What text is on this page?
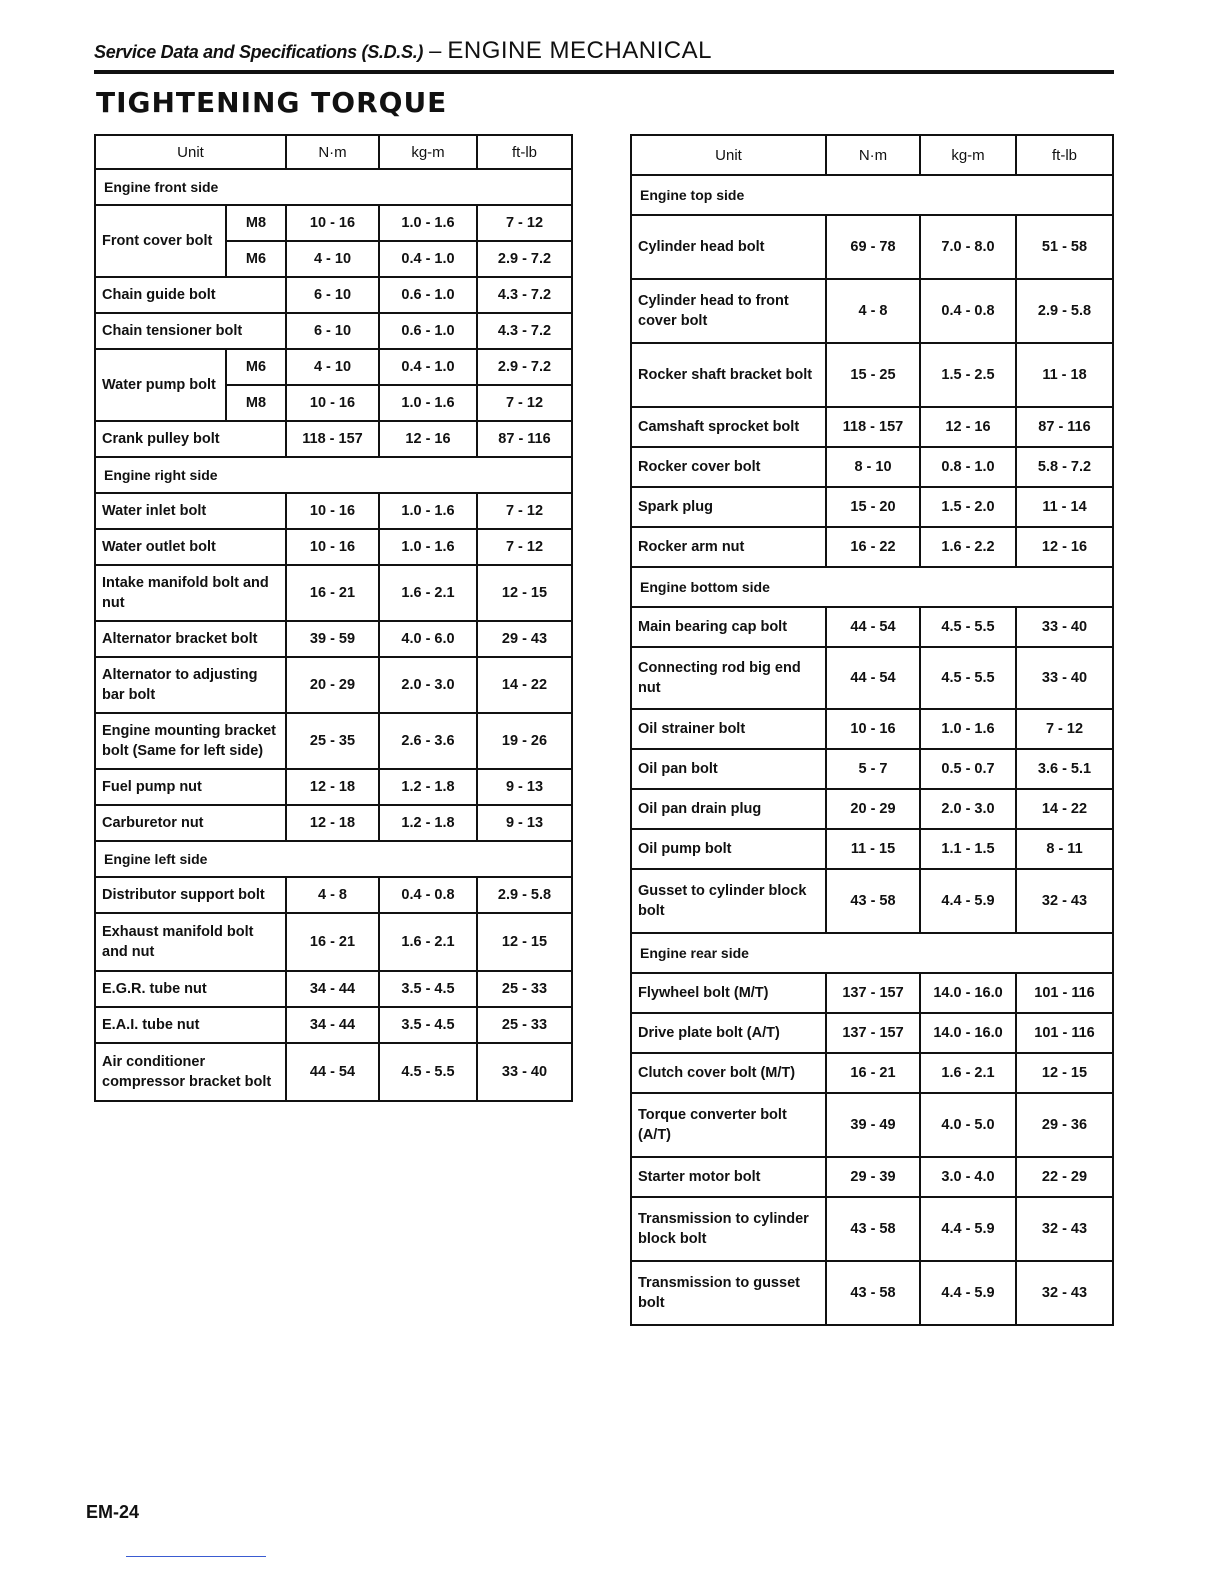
Service Data and Specifications (S.D.S.) – ENGINE MECHANICAL
TIGHTENING TORQUE
Unit		N·m	kg-m	ft-lb
Engine front side				
Front cover bolt	M8	10 - 16	1.0 - 1.6	7 - 12
	M6	4 - 10	0.4 - 1.0	2.9 - 7.2
Chain guide bolt		6 - 10	0.6 - 1.0	4.3 - 7.2
Chain tensioner bolt		6 - 10	0.6 - 1.0	4.3 - 7.2
Water pump bolt	M6	4 - 10	0.4 - 1.0	2.9 - 7.2
	M8	10 - 16	1.0 - 1.6	7 - 12
Crank pulley bolt		118 - 157	12 - 16	87 - 116
Engine right side				
Water inlet bolt		10 - 16	1.0 - 1.6	7 - 12
Water outlet bolt		10 - 16	1.0 - 1.6	7 - 12
Intake manifold bolt and nut		16 - 21	1.6 - 2.1	12 - 15
Alternator bracket bolt		39 - 59	4.0 - 6.0	29 - 43
Alternator to adjusting bar bolt		20 - 29	2.0 - 3.0	14 - 22
Engine mounting bracket bolt (Same for left side)		25 - 35	2.6 - 3.6	19 - 26
Fuel pump nut		12 - 18	1.2 - 1.8	9 - 13
Carburetor nut		12 - 18	1.2 - 1.8	9 - 13
Engine left side				
Distributor support bolt		4 - 8	0.4 - 0.8	2.9 - 5.8
Exhaust manifold bolt and nut		16 - 21	1.6 - 2.1	12 - 15
E.G.R. tube nut		34 - 44	3.5 - 4.5	25 - 33
E.A.I. tube nut		34 - 44	3.5 - 4.5	25 - 33
Air conditioner compressor bracket bolt		44 - 54	4.5 - 5.5	33 - 40
Unit	N·m	kg-m	ft-lb
Engine top side			
Cylinder head bolt	69 - 78	7.0 - 8.0	51 - 58
Cylinder head to front cover bolt	4 - 8	0.4 - 0.8	2.9 - 5.8
Rocker shaft bracket bolt	15 - 25	1.5 - 2.5	11 - 18
Camshaft sprocket bolt	118 - 157	12 - 16	87 - 116
Rocker cover bolt	8 - 10	0.8 - 1.0	5.8 - 7.2
Spark plug	15 - 20	1.5 - 2.0	11 - 14
Rocker arm nut	16 - 22	1.6 - 2.2	12 - 16
Engine bottom side			
Main bearing cap bolt	44 - 54	4.5 - 5.5	33 - 40
Connecting rod big end nut	44 - 54	4.5 - 5.5	33 - 40
Oil strainer bolt	10 - 16	1.0 - 1.6	7 - 12
Oil pan bolt	5 - 7	0.5 - 0.7	3.6 - 5.1
Oil pan drain plug	20 - 29	2.0 - 3.0	14 - 22
Oil pump bolt	11 - 15	1.1 - 1.5	8 - 11
Gusset to cylinder block bolt	43 - 58	4.4 - 5.9	32 - 43
Engine rear side			
Flywheel bolt (M/T)	137 - 157	14.0 - 16.0	101 - 116
Drive plate bolt (A/T)	137 - 157	14.0 - 16.0	101 - 116
Clutch cover bolt (M/T)	16 - 21	1.6 - 2.1	12 - 15
Torque converter bolt (A/T)	39 - 49	4.0 - 5.0	29 - 36
Starter motor bolt	29 - 39	3.0 - 4.0	22 - 29
Transmission to cylinder block bolt	43 - 58	4.4 - 5.9	32 - 43
Transmission to gusset bolt	43 - 58	4.4 - 5.9	32 - 43
EM-24
